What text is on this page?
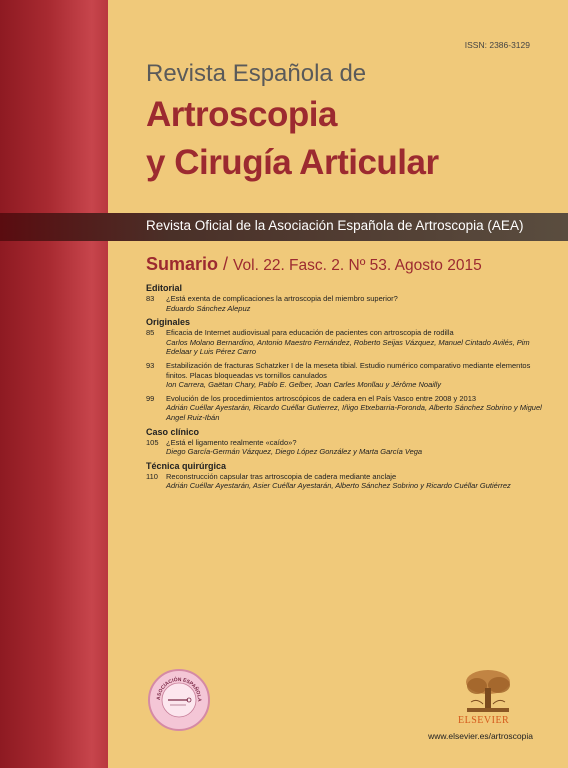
ISSN: 2386-3129
Revista Española de
Artroscopia
y Cirugía Articular
Revista Oficial de la Asociación Española de Artroscopia (AEA)
Sumario / Vol. 22. Fasc. 2. Nº 53. Agosto 2015
Editorial
83	¿Está exenta de complicaciones la artroscopia del miembro superior?
Eduardo Sánchez Alepuz
Originales
85	Eficacia de Internet audiovisual para educación de pacientes con artroscopia de rodilla
Carlos Molano Bernardino, Antonio Maestro Fernández, Roberto Seijas Vázquez, Manuel Cintado Avilés, Pim Edelaar y Luis Pérez Carro
93	Estabilización de fracturas Schatzker I de la meseta tibial. Estudio numérico comparativo mediante elementos finitos. Placas bloqueadas vs tornillos canulados
Ion Carrera, Gaëtan Chary, Pablo E. Gelber, Joan Carles Monllau y Jérôme Noailly
99	Evolución de los procedimientos artroscópicos de cadera en el País Vasco entre 2008 y 2013
Adrián Cuéllar Ayestarán, Ricardo Cuéllar Gutierrez, Iñigo Etxebarria-Foronda, Alberto Sánchez Sobrino y Miguel Angel Ruiz-Ibán
Caso clínico
105 ¿Está el ligamento realmente «caído»?
Diego García-Germán Vázquez, Diego López González y Marta García Vega
Técnica quirúrgica
110 Reconstrucción capsular tras artroscopia de cadera mediante anclaje
Adrián Cuéllar Ayestarán, Asier Cuéllar Ayestarán, Alberto Sánchez Sobrino y Ricardo Cuéllar Gutiérrez
ASOCIACIÓN ESPAÑOLA
ELSEVIER
www.elsevier.es/artroscopia
